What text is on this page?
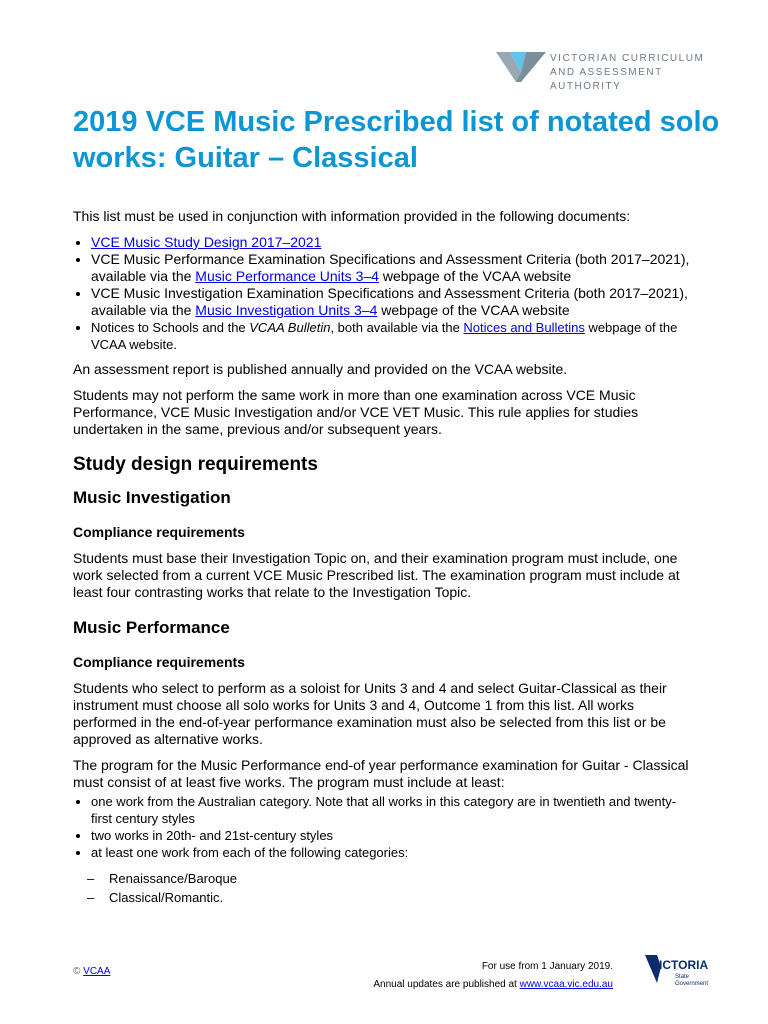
VICTORIAN CURRICULUM
AND ASSESSMENT AUTHORITY
2019 VCE Music Prescribed list of notated solo works: Guitar – Classical

This list must be used in conjunction with information provided in the following documents:

• VCE Music Study Design 2017–2021
• VCE Music Performance Examination Specifications and Assessment Criteria (both 2017–2021), available via the Music Performance Units 3–4 webpage of the VCAA website
• VCE Music Investigation Examination Specifications and Assessment Criteria (both 2017–2021), available via the Music Investigation Units 3–4 webpage of the VCAA website
• Notices to Schools and the VCAA Bulletin, both available via the Notices and Bulletins webpage of the VCAA website.

An assessment report is published annually and provided on the VCAA website.

Students may not perform the same work in more than one examination across VCE Music Performance, VCE Music Investigation and/or VCE VET Music. This rule applies for studies undertaken in the same, previous and/or subsequent years.

Study design requirements
Music Investigation
Compliance requirements

Students must base their Investigation Topic on, and their examination program must include, one work selected from a current VCE Music Prescribed list. The examination program must include at least four contrasting works that relate to the Investigation Topic.

Music Performance
Compliance requirements

Students who select to perform as a soloist for Units 3 and 4 and select Guitar-Classical as their instrument must choose all solo works for Units 3 and 4, Outcome 1 from this list. All works performed in the end-of-year performance examination must also be selected from this list or be approved as alternative works.

The program for the Music Performance end-of year performance examination for Guitar - Classical must consist of at least five works. The program must include at least:

• one work from the Australian category. Note that all works in this category are in twentieth and twenty-first century styles
• two works in 20th- and 21st-century styles
• at least one work from each of the following categories:
– Renaissance/Baroque
– Classical/Romantic.
© VCAA	For use from 1 January 2019.
Annual updates are published at www.vcaa.vic.edu.au
VICTORIA
State
Government
